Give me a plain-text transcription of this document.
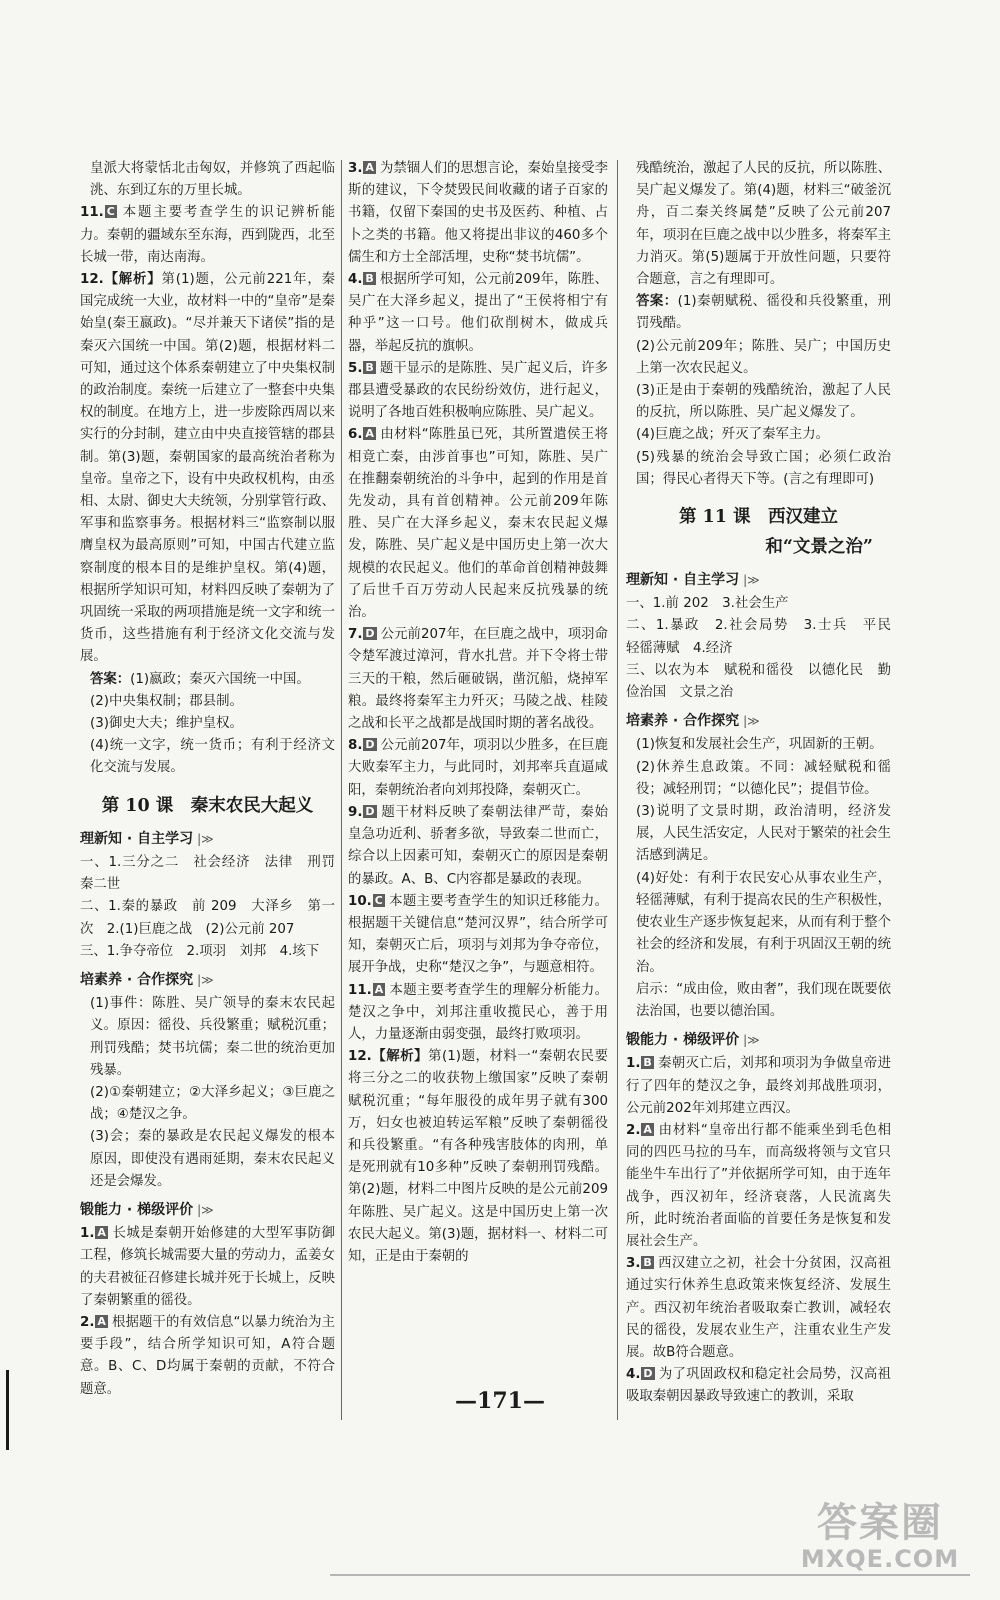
皇派大将蒙恬北击匈奴，并修筑了西起临洮、东到辽东的万里长城。

11. C 本题主要考查学生的识记辨析能力。秦朝的疆域东至东海，西到陇西，北至长城一带，南达南海。

12.【解析】第(1)题，公元前221年，秦国完成统一大业，故材料一中的“皇帝”是秦始皇(秦王嬴政)。“尽并兼天下诸侯”指的是秦灭六国统一中国。第(2)题，根据材料二可知，通过这个体系秦朝建立了中央集权制的政治制度。秦统一后建立了一整套中央集权的制度。在地方上，进一步废除西周以来实行的分封制，建立由中央直接管辖的郡县制。第(3)题，秦朝国家的最高统治者称为皇帝。皇帝之下，设有中央政权机构，由丞相、太尉、御史大夫统领，分别掌管行政、军事和监察事务。根据材料三“监察制以服膺皇权为最高原则”可知，中国古代建立监察制度的根本目的是维护皇权。第(4)题，根据所学知识可知，材料四反映了秦朝为了巩固统一采取的两项措施是统一文字和统一货币，这些措施有利于经济文化交流与发展。

答案：(1)嬴政；秦灭六国统一中国。

(2)中央集权制；郡县制。

(3)御史大夫；维护皇权。

(4)统一文字，统一货币；有利于经济文化交流与发展。

第 10 课　秦末农民大起义
理新知 · 自主学习 |≫

一、1.三分之二　社会经济　法律　刑罚　秦二世

二、1.秦的暴政　前 209　大泽乡　第一次　2.(1)巨鹿之战　(2)公元前 207

三、1.争夺帝位　2.项羽　刘邦　4.垓下

培素养 · 合作探究 |≫

(1)事件：陈胜、吴广领导的秦末农民起义。原因：徭役、兵役繁重；赋税沉重；刑罚残酷；焚书坑儒；秦二世的统治更加残暴。

(2)①秦朝建立；②大泽乡起义；③巨鹿之战；④楚汉之争。

(3)会；秦的暴政是农民起义爆发的根本原因，即使没有遇雨延期，秦末农民起义还是会爆发。

锻能力 · 梯级评价 |≫

1. A 长城是秦朝开始修建的大型军事防御工程，修筑长城需要大量的劳动力，孟姜女的夫君被征召修建长城并死于长城上，反映了秦朝繁重的徭役。

2. A 根据题干的有效信息“以暴力统治为主要手段”，结合所学知识可知，A符合题意。B、C、D均属于秦朝的贡献，不符合题意。

3. A 为禁锢人们的思想言论，秦始皇接受李斯的建议，下令焚毁民间收藏的诸子百家的书籍，仅留下秦国的史书及医药、种植、占卜之类的书籍。他又将提出非议的460多个儒生和方士全部活埋，史称“焚书坑儒”。

4. B 根据所学可知，公元前209年，陈胜、吴广在大泽乡起义，提出了“王侯将相宁有种乎”这一口号。他们砍削树木，做成兵器，举起反抗的旗帜。

5. B 题干显示的是陈胜、吴广起义后，许多郡县遭受暴政的农民纷纷效仿，进行起义，说明了各地百姓积极响应陈胜、吴广起义。

6. A 由材料“陈胜虽已死，其所置遣侯王将相竟亡秦，由涉首事也”可知，陈胜、吴广在推翻秦朝统治的斗争中，起到的作用是首先发动，具有首创精神。公元前209年陈胜、吴广在大泽乡起义，秦末农民起义爆发，陈胜、吴广起义是中国历史上第一次大规模的农民起义。他们的革命首创精神鼓舞了后世千百万劳动人民起来反抗残暴的统治。

7. D 公元前207年，在巨鹿之战中，项羽命令楚军渡过漳河，背水扎营。并下令将士带三天的干粮，然后砸破锅，凿沉船，烧掉军粮。最终将秦军主力歼灭；马陵之战、桂陵之战和长平之战都是战国时期的著名战役。

8. D 公元前207年，项羽以少胜多，在巨鹿大败秦军主力，与此同时，刘邦率兵直逼咸阳，秦朝统治者向刘邦投降，秦朝灭亡。

9. D 题干材料反映了秦朝法律严苛，秦始皇急功近利、骄奢多欲，导致秦二世而亡，综合以上因素可知，秦朝灭亡的原因是秦朝的暴政。A、B、C内容都是暴政的表现。

10. C 本题主要考查学生的知识迁移能力。根据题干关键信息“楚河汉界”，结合所学可知，秦朝灭亡后，项羽与刘邦为争夺帝位，展开争战，史称“楚汉之争”，与题意相符。

11. A 本题主要考查学生的理解分析能力。楚汉之争中，刘邦注重收揽民心，善于用人，力量逐渐由弱变强，最终打败项羽。

12.【解析】第(1)题，材料一“秦朝农民要将三分之二的收获物上缴国家”反映了秦朝赋税沉重；“每年服役的成年男子就有300万，妇女也被迫转运军粮”反映了秦朝徭役和兵役繁重。“有各种残害肢体的肉刑，单是死刑就有10多种”反映了秦朝刑罚残酷。第(2)题，材料二中图片反映的是公元前209年陈胜、吴广起义。这是中国历史上第一次农民大起义。第(3)题，据材料一、材料二可知，正是由于秦朝的

残酷统治，激起了人民的反抗，所以陈胜、吴广起义爆发了。第(4)题，材料三“破釜沉舟，百二秦关终属楚”反映了公元前207年，项羽在巨鹿之战中以少胜多，将秦军主力消灭。第(5)题属于开放性问题，只要符合题意，言之有理即可。

答案：(1)秦朝赋税、徭役和兵役繁重，刑罚残酷。

(2)公元前209年；陈胜、吴广；中国历史上第一次农民起义。

(3)正是由于秦朝的残酷统治，激起了人民的反抗，所以陈胜、吴广起义爆发了。

(4)巨鹿之战；歼灭了秦军主力。

(5)残暴的统治会导致亡国；必须仁政治国；得民心者得天下等。(言之有理即可)

第 11 课　西汉建立
和“文景之治”
理新知 · 自主学习 |≫

一、1.前 202　3.社会生产

二、1.暴政　2.社会局势　3.士兵　平民　轻徭薄赋　4.经济

三、以农为本　赋税和徭役　以德化民　勤俭治国　文景之治

培素养 · 合作探究 |≫

(1)恢复和发展社会生产，巩固新的王朝。

(2)休养生息政策。不同：减轻赋税和徭役；减轻刑罚；“以德化民”；提倡节俭。

(3)说明了文景时期，政治清明，经济发展，人民生活安定，人民对于繁荣的社会生活感到满足。

(4)好处：有利于农民安心从事农业生产，轻徭薄赋，有利于提高农民的生产积极性，使农业生产逐步恢复起来，从而有利于整个社会的经济和发展，有利于巩固汉王朝的统治。

启示：“成由俭，败由奢”，我们现在既要依法治国，也要以德治国。

锻能力 · 梯级评价 |≫

1. B 秦朝灭亡后，刘邦和项羽为争做皇帝进行了四年的楚汉之争，最终刘邦战胜项羽，公元前202年刘邦建立西汉。

2. A 由材料“皇帝出行都不能乘坐到毛色相同的四匹马拉的马车，而高级将领与文官只能坐牛车出行了”并依据所学可知，由于连年战争，西汉初年，经济衰落，人民流离失所，此时统治者面临的首要任务是恢复和发展社会生产。

3. B 西汉建立之初，社会十分贫困，汉高祖通过实行休养生息政策来恢复经济、发展生产。西汉初年统治者吸取秦亡教训，减轻农民的徭役，发展农业生产，注重农业生产发展。故B符合题意。

4. D 为了巩固政权和稳定社会局势，汉高祖吸取秦朝因暴政导致速亡的教训，采取

—171—
答案圈
MXQE.COM
